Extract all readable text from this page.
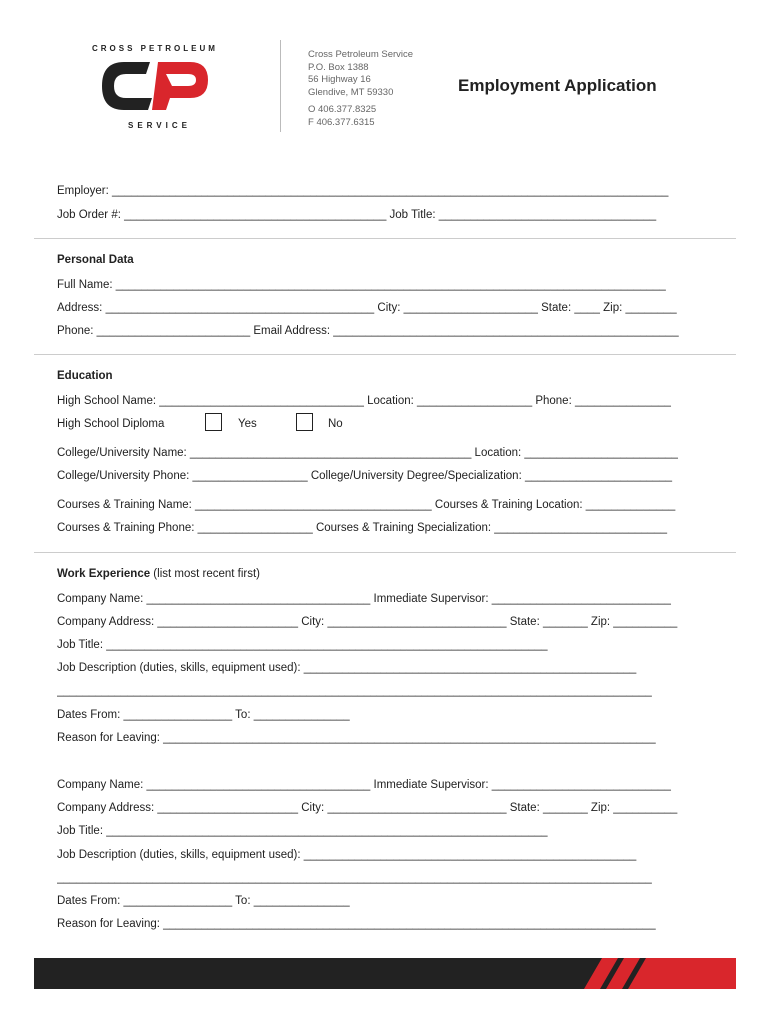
CROSS PETROLEUM
SERVICE
Cross Petroleum Service
P.O. Box 1388
56 Highway 16
Glendive, MT 59330
O 406.377.8325
F 406.377.6315
Employment Application
Employer: _______________________________________________________________________________________
Job Order #: _________________________________________ Job Title: __________________________________
Personal Data
Full Name: ______________________________________________________________________________________
Address: __________________________________________ City: _____________________ State: ____ Zip: ________
Phone: ________________________ Email Address: ______________________________________________________
Education
High School Name: ________________________________ Location: __________________ Phone: _______________
High School Diploma	Yes	No
College/University Name: ____________________________________________ Location: ________________________
College/University Phone: __________________ College/University Degree/Specialization: _______________________
Courses & Training Name: _____________________________________ Courses & Training Location: ______________
Courses & Training Phone: __________________ Courses & Training Specialization: ___________________________
Work Experience (list most recent first)
Company Name: ___________________________________ Immediate Supervisor: ____________________________
Company Address: ______________________ City: ____________________________ State: _______ Zip: __________
Job Title: _____________________________________________________________________
Job Description (duties, skills, equipment used): ____________________________________________________
_____________________________________________________________________________________________
Dates From: _________________ To: _______________
Reason for Leaving: _____________________________________________________________________________
Company Name: ___________________________________ Immediate Supervisor: ____________________________
Company Address: ______________________ City: ____________________________ State: _______ Zip: __________
Job Title: _____________________________________________________________________
Job Description (duties, skills, equipment used): ____________________________________________________
_____________________________________________________________________________________________
Dates From: _________________ To: _______________
Reason for Leaving: _____________________________________________________________________________
